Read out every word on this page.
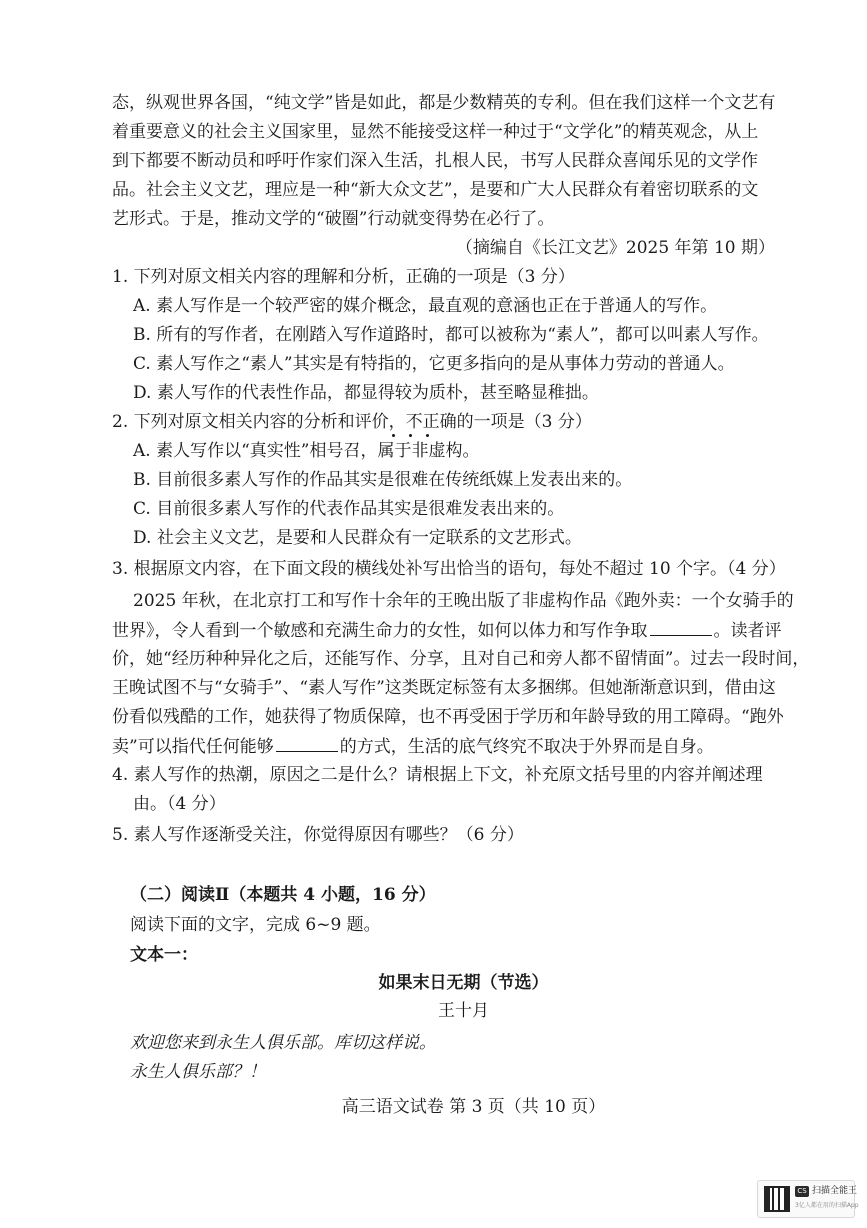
态，纵观世界各国，“纯文学”皆是如此，都是少数精英的专利。但在我们这样一个文艺有
着重要意义的社会主义国家里，显然不能接受这样一种过于“文学化”的精英观念，从上
到下都要不断动员和呼吁作家们深入生活，扎根人民，书写人民群众喜闻乐见的文学作
品。社会主义文艺，理应是一种“新大众文艺”，是要和广大人民群众有着密切联系的文
艺形式。于是，推动文学的“破圈”行动就变得势在必行了。
（摘编自《长江文艺》2025 年第 10 期）
1. 下列对原文相关内容的理解和分析，正确的一项是（3 分）
A. 素人写作是一个较严密的媒介概念，最直观的意涵也正在于普通人的写作。
B. 所有的写作者，在刚踏入写作道路时，都可以被称为“素人”，都可以叫素人写作。
C. 素人写作之“素人”其实是有特指的，它更多指向的是从事体力劳动的普通人。
D. 素人写作的代表性作品，都显得较为质朴，甚至略显稚拙。
2. 下列对原文相关内容的分析和评价，不正确的一项是（3 分）
A. 素人写作以“真实性”相号召，属于非虚构。
B. 目前很多素人写作的作品其实是很难在传统纸媒上发表出来的。
C. 目前很多素人写作的代表作品其实是很难发表出来的。
D. 社会主义文艺，是要和人民群众有一定联系的文艺形式。
3. 根据原文内容，在下面文段的横线处补写出恰当的语句，每处不超过 10 个字。（4 分）
2025 年秋，在北京打工和写作十余年的王晚出版了非虚构作品《跑外卖：一个女骑手的
世界》，令人看到一个敏感和充满生命力的女性，如何以体力和写作争取	。读者评
价，她“经历种种异化之后，还能写作、分享，且对自己和旁人都不留情面”。过去一段时间，
王晚试图不与“女骑手”、“素人写作”这类既定标签有太多捆绑。但她渐渐意识到，借由这
份看似残酷的工作，她获得了物质保障，也不再受困于学历和年龄导致的用工障碍。“跑外
卖”可以指代任何能够	的方式，生活的底气终究不取决于外界而是自身。
4. 素人写作的热潮，原因之二是什么？请根据上下文，补充原文括号里的内容并阐述理
由。（4 分）
5. 素人写作逐渐受关注，你觉得原因有哪些？（6 分）
（二）阅读Ⅱ（本题共 4 小题，16 分）
阅读下面的文字，完成 6~9 题。
文本一：
如果末日无期（节选）
王十月
欢迎您来到永生人俱乐部。库切这样说。
永生人俱乐部？！
高三语文试卷 第 3 页（共 10 页）
CS 扫描全能王
3亿人都在用的扫描App
